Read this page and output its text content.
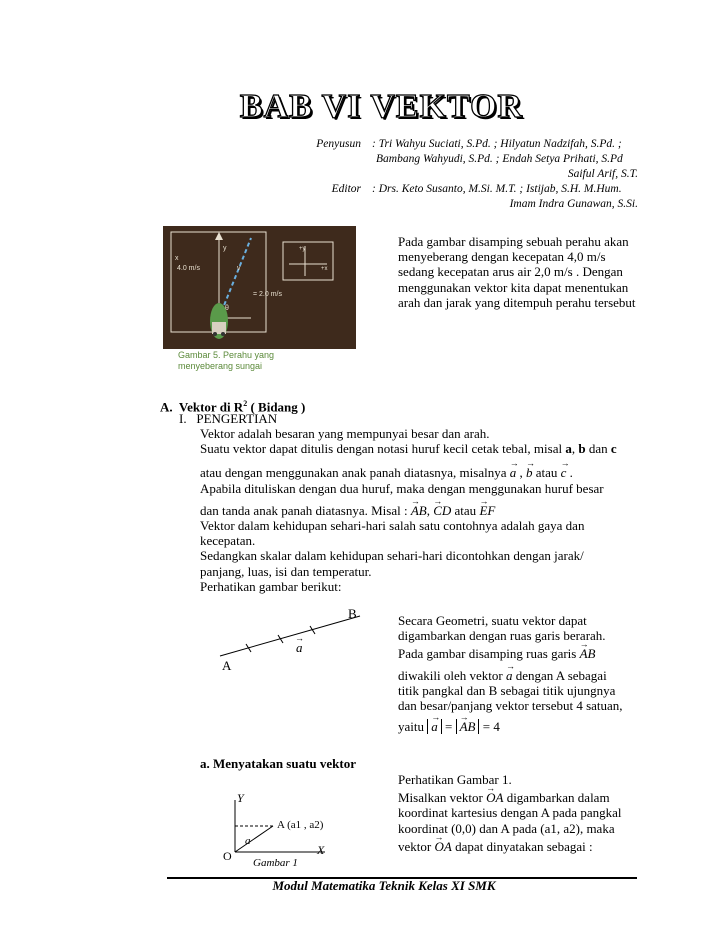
BAB VI VEKTOR
Penyusun : Tri Wahyu Suciati, S.Pd. ; Hilyatun Nadzifah, S.Pd. ;
Bambang Wahyudi, S.Pd. ; Endah Setya Prihati, S.Pd
Saiful Arif, S.T.
Editor : Drs. Keto Susanto, M.Si. M.T. ; Istijab, S.H. M.Hum.
Imam Indra Gunawan, S.Si.
x
4.0 m/s
= 2.0 m/s
y
v
θ
+y
+x
Gambar 5. Perahu yang
menyeberang sungai
Pada gambar disamping sebuah perahu akan
menyeberang dengan kecepatan 4,0 m/s
sedang kecepatan arus air 2,0 m/s . Dengan
menggunakan vektor kita dapat menentukan
arah dan jarak yang ditempuh perahu tersebut
A. Vektor di $R^2$ ( Bidang )
I. PENGERTIAN
Vektor adalah besaran yang mempunyai besar dan arah.
Suatu vektor dapat ditulis dengan notasi huruf kecil cetak tebal, misal a, b dan c
atau dengan menggunakan anak panah diatasnya, misalnya → a , → b atau → c .
Apabila dituliskan dengan dua huruf, maka dengan menggunakan huruf besar
dan tanda anak panah diatasnya. Misal : → AB, → CD atau → EF
Vektor dalam kehidupan sehari-hari salah satu contohnya adalah gaya dan
kecepatan.
Sedangkan skalar dalam kehidupan sehari-hari dicontohkan dengan jarak/
panjang, luas, isi dan temperatur.
Perhatikan gambar berikut:
B
A
a
→
Secara Geometri, suatu vektor dapat
digambarkan dengan ruas garis berarah.
Pada gambar disamping ruas garis → AB
diwakili oleh vektor → a dengan A sebagai
titik pangkal dan B sebagai titik ujungnya
dan besar/panjang vektor tersebut 4 satuan,
yaitu → a = → AB = 4
a. Menyatakan suatu vektor
Perhatikan Gambar 1.
Misalkan vektor → OA digambarkan dalam
koordinat kartesius dengan A pada pangkal
koordinat (0,0) dan A pada (a1, a2), maka
vektor → OA dapat dinyatakan sebagai :
Y
X
O
A (a1 , a2)
a
Gambar 1
Modul Matematika Teknik Kelas XI SMK
